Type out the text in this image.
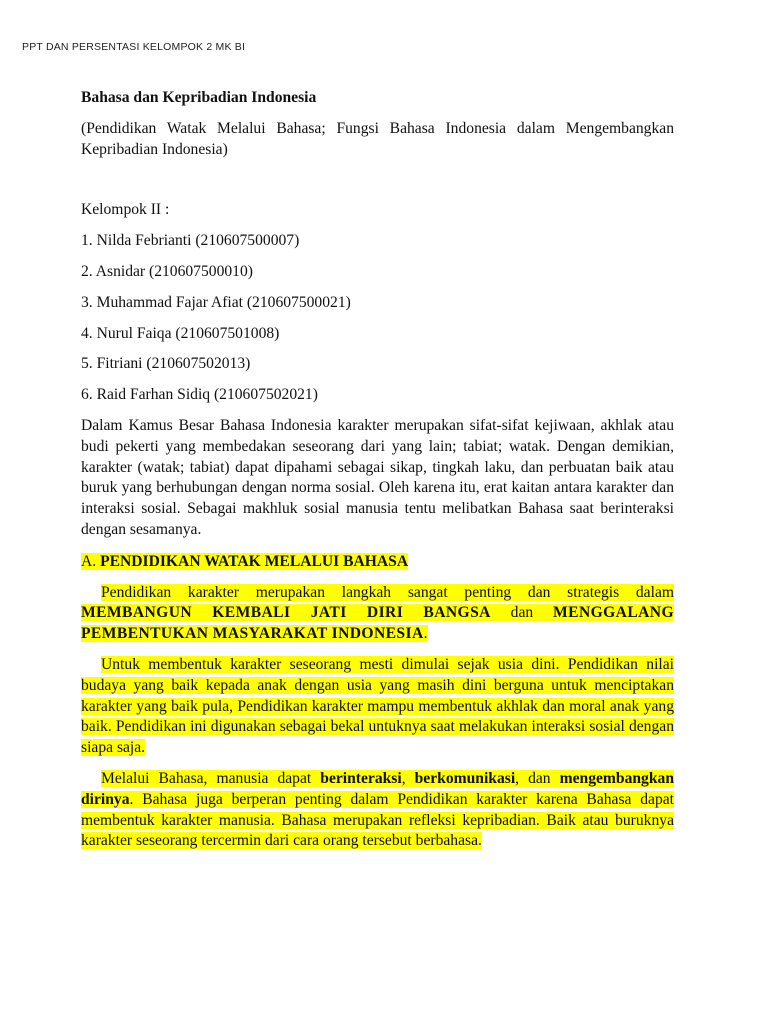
PPT DAN PERSENTASI KELOMPOK 2 MK BI

Bahasa dan Kepribadian Indonesia

(Pendidikan Watak Melalui Bahasa; Fungsi Bahasa Indonesia dalam Mengembangkan Kepribadian Indonesia)

Kelompok II :

1. Nilda Febrianti (210607500007)
2. Asnidar (210607500010)
3. Muhammad Fajar Afiat (210607500021)
4. Nurul Faiqa (210607501008)
5. Fitriani (210607502013)
6. Raid Farhan Sidiq (210607502021)

Dalam Kamus Besar Bahasa Indonesia karakter merupakan sifat-sifat kejiwaan, akhlak atau budi pekerti yang membedakan seseorang dari yang lain; tabiat; watak. Dengan demikian, karakter (watak; tabiat) dapat dipahami sebagai sikap, tingkah laku, dan perbuatan baik atau buruk yang berhubungan dengan norma sosial. Oleh karena itu, erat kaitan antara karakter dan interaksi sosial. Sebagai makhluk sosial manusia tentu melibatkan Bahasa saat berinteraksi dengan sesamanya.

A. PENDIDIKAN WATAK MELALUI BAHASA

Pendidikan karakter merupakan langkah sangat penting dan strategis dalam MEMBANGUN KEMBALI JATI DIRI BANGSA dan MENGGALANG PEMBENTUKAN MASYARAKAT INDONESIA.

Untuk membentuk karakter seseorang mesti dimulai sejak usia dini. Pendidikan nilai budaya yang baik kepada anak dengan usia yang masih dini berguna untuk menciptakan karakter yang baik pula, Pendidikan karakter mampu membentuk akhlak dan moral anak yang baik. Pendidikan ini digunakan sebagai bekal untuknya saat melakukan interaksi sosial dengan siapa saja.

Melalui Bahasa, manusia dapat berinteraksi, berkomunikasi, dan mengembangkan dirinya. Bahasa juga berperan penting dalam Pendidikan karakter karena Bahasa dapat membentuk karakter manusia. Bahasa merupakan refleksi kepribadian. Baik atau buruknya karakter seseorang tercermin dari cara orang tersebut berbahasa.
